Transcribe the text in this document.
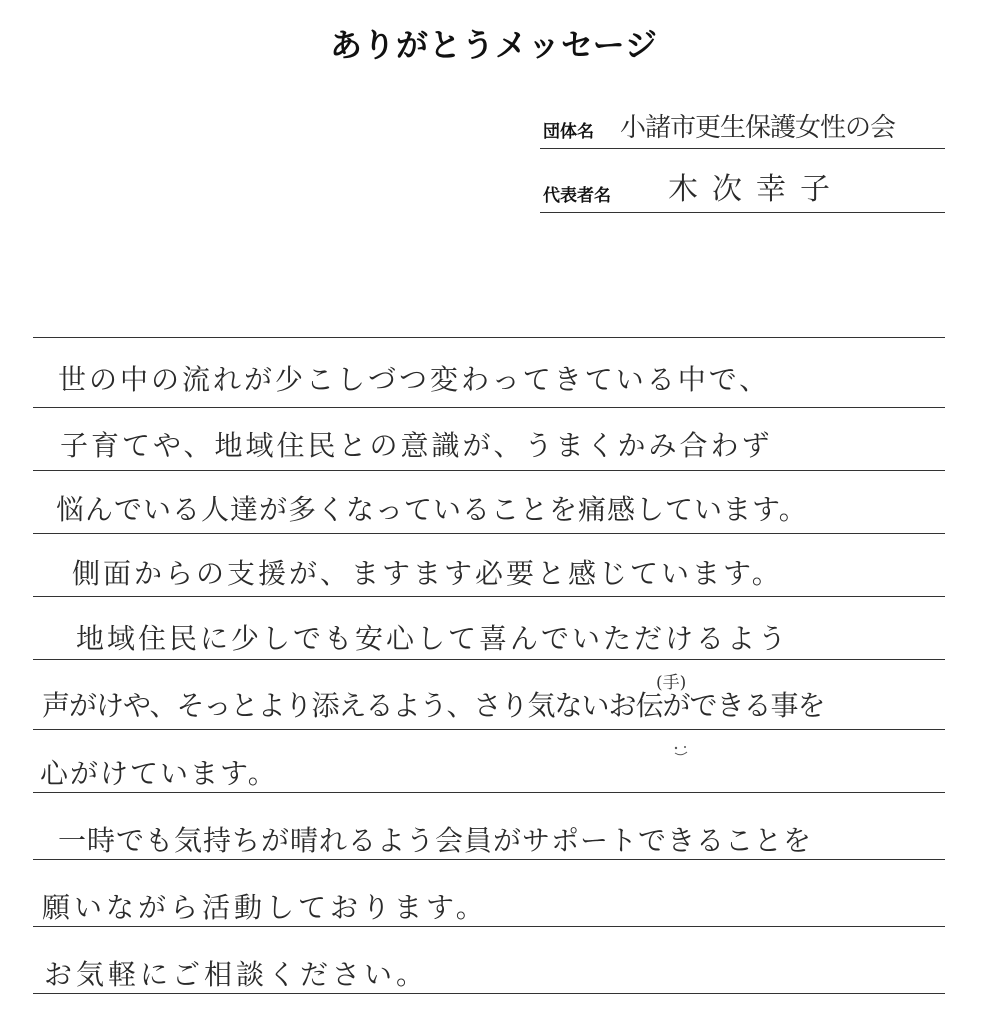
ありがとうメッセージ
団体名 小諸市更生保護女性の会
代表者名 木次幸子
世の中の流れが少こしづつ変わってきている中で、
子育てや、地域住民との意識が、うまくかみ合わず
悩んでいる人達が多くなっていることを痛感しています。
側面からの支援が、ますます必要と感じています。
地域住民に少しでも安心して喜んでいただけるよう
(手)
声がけや、そっとより添えるよう、さり気ないお伝ができる事を
心がけています。
一時でも気持ちが晴れるよう会員がサポートできることを
願いながら活動しております。
お気軽にご相談ください。
